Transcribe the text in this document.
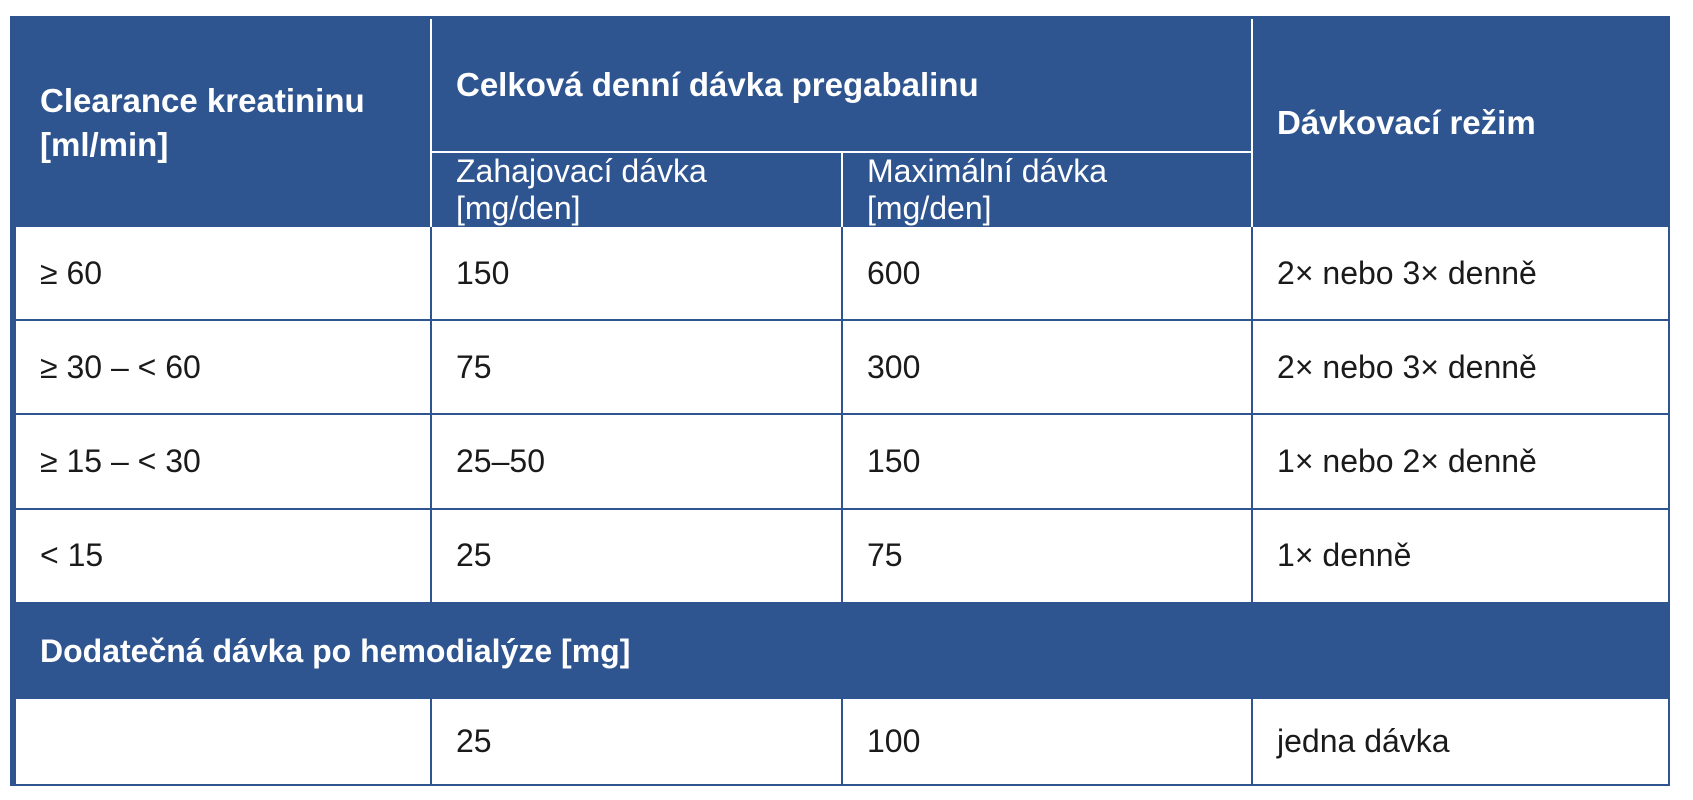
Clearance kreatininu [ml/min]	Celková denní dávka pregabalinu		Dávkovací režim
	Zahajovací dávka [mg/den]	Maximální dávka [mg/den]	
≥ 60	150	600	2× nebo 3× denně
≥ 30 – < 60	75	300	2× nebo 3× denně
≥ 15 – < 30	25–50	150	1× nebo 2× denně
< 15	25	75	1× denně
Dodatečná dávka po hemodialýze [mg]			
	25	100	jedna dávka
